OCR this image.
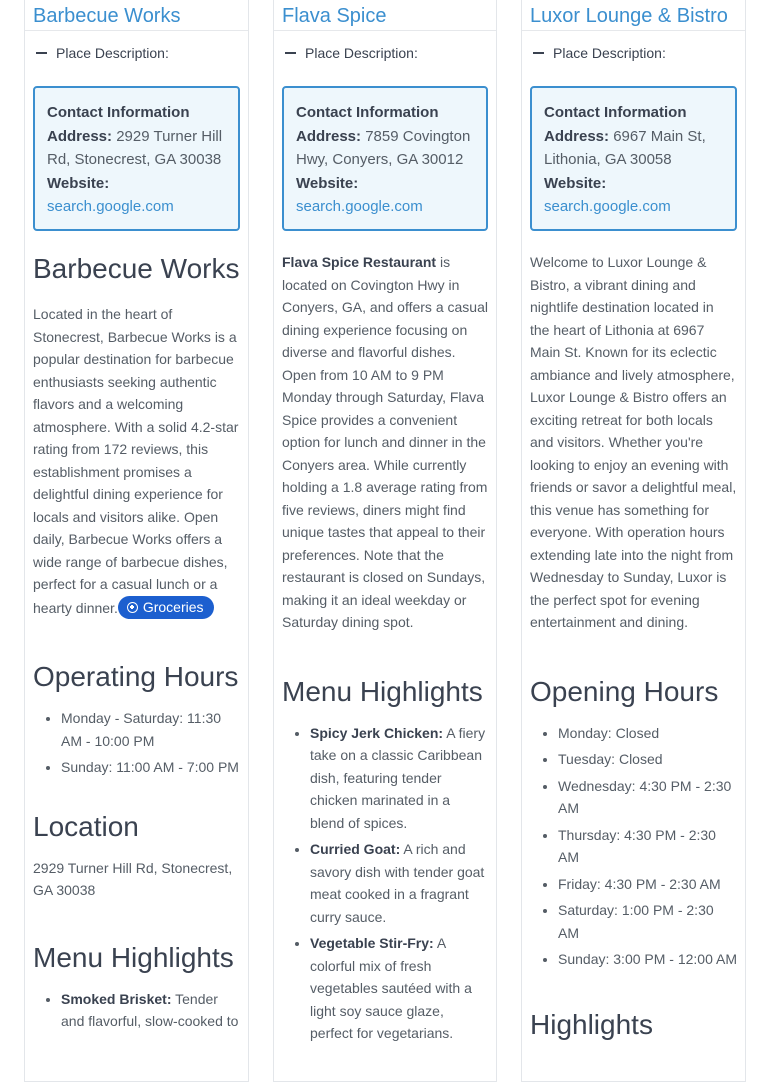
Barbecue Works
Place Description:
Contact Information
Address: 2929 Turner Hill Rd, Stonecrest, GA 30038
Website:
search.google.com
Barbecue Works

Located in the heart of Stonecrest, Barbecue Works is a popular destination for barbecue enthusiasts seeking authentic flavors and a welcoming atmosphere. With a solid 4.2-star rating from 172 reviews, this establishment promises a delightful dining experience for locals and visitors alike. Open daily, Barbecue Works offers a wide range of barbecue dishes, perfect for a casual lunch or a hearty dinner. Groceries

Operating Hours
• Monday - Saturday: 11:30 AM - 10:00 PM
• Sunday: 11:00 AM - 7:00 PM
Location

2929 Turner Hill Rd, Stonecrest, GA 30038

Menu Highlights
• Smoked Brisket: Tender and flavorful, slow-cooked to
Flava Spice
Place Description:
Contact Information
Address: 7859 Covington Hwy, Conyers, GA 30012
Website:
search.google.com

Flava Spice Restaurant is located on Covington Hwy in Conyers, GA, and offers a casual dining experience focusing on diverse and flavorful dishes. Open from 10 AM to 9 PM Monday through Saturday, Flava Spice provides a convenient option for lunch and dinner in the Conyers area. While currently holding a 1.8 average rating from five reviews, diners might find unique tastes that appeal to their preferences. Note that the restaurant is closed on Sundays, making it an ideal weekday or Saturday dining spot.

Menu Highlights
• Spicy Jerk Chicken: A fiery take on a classic Caribbean dish, featuring tender chicken marinated in a blend of spices.
• Curried Goat: A rich and savory dish with tender goat meat cooked in a fragrant curry sauce.
• Vegetable Stir-Fry: A colorful mix of fresh vegetables sautéed with a light soy sauce glaze, perfect for vegetarians.
Luxor Lounge & Bistro
Place Description:
Contact Information
Address: 6967 Main St, Lithonia, GA 30058
Website:
search.google.com

Welcome to Luxor Lounge & Bistro, a vibrant dining and nightlife destination located in the heart of Lithonia at 6967 Main St. Known for its eclectic ambiance and lively atmosphere, Luxor Lounge & Bistro offers an exciting retreat for both locals and visitors. Whether you're looking to enjoy an evening with friends or savor a delightful meal, this venue has something for everyone. With operation hours extending late into the night from Wednesday to Sunday, Luxor is the perfect spot for evening entertainment and dining.

Opening Hours
• Monday: Closed
• Tuesday: Closed
• Wednesday: 4:30 PM - 2:30 AM
• Thursday: 4:30 PM - 2:30 AM
• Friday: 4:30 PM - 2:30 AM
• Saturday: 1:00 PM - 2:30 AM
• Sunday: 3:00 PM - 12:00 AM
Highlights
